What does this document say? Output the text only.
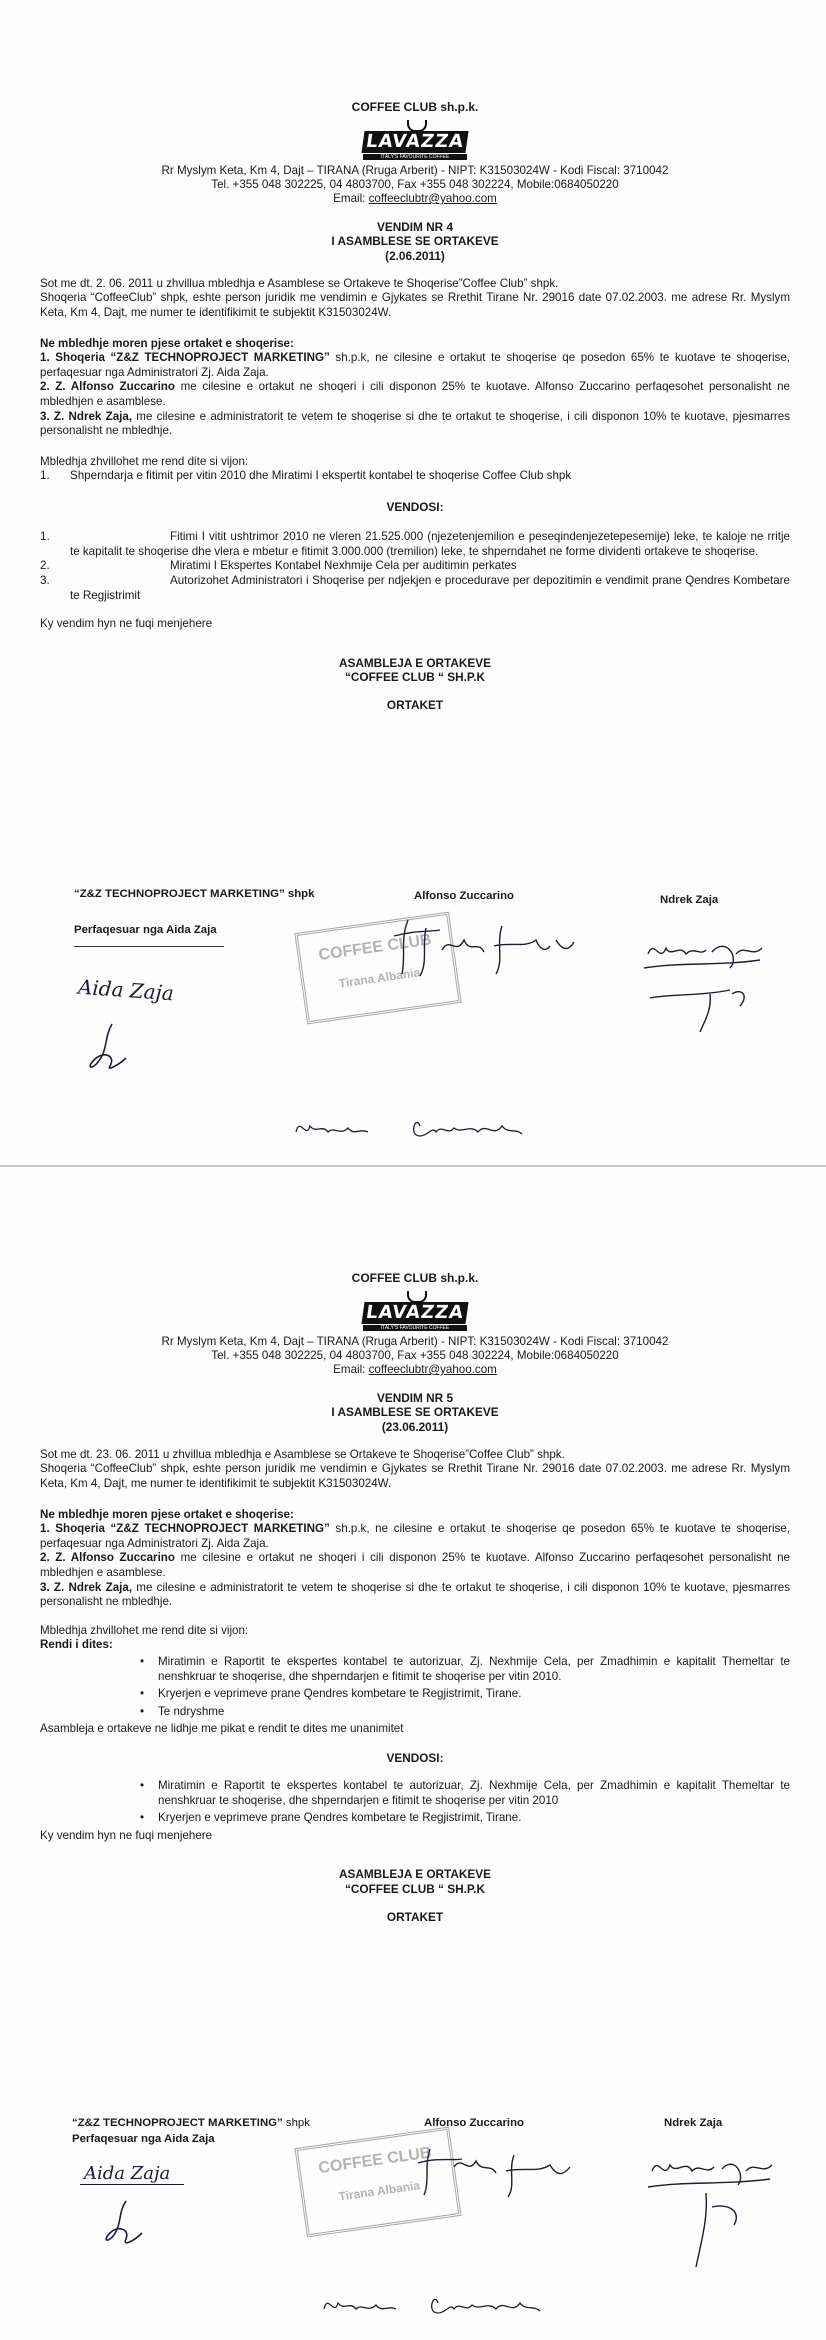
COFFEE CLUB sh.p.k.
LAVAZZA
ITALY'S FAVOURITE COFFEE
Rr Myslym Keta, Km 4, Dajt – TIRANA (Rruga Arberit) - NIPT: K31503024W - Kodi Fiscal: 3710042
Tel. +355 048 302225, 04 4803700, Fax +355 048 302224, Mobile:0684050220
Email: coffeeclubtr@yahoo.com
VENDIM NR 4
I ASAMBLESE SE ORTAKEVE
(2.06.2011)

Sot me dt. 2. 06. 2011 u zhvillua mbledhja e Asamblese se Ortakeve te Shoqerise”Coffee Club” shpk.

Shoqeria “CoffeeClub” shpk, eshte person juridik me vendimin e Gjykates se Rrethit Tirane Nr. 29016 date 07.02.2003. me adrese Rr. Myslym Keta, Km 4, Dajt, me numer te identifikimit te subjektit K31503024W.

Ne mbledhje moren pjese ortaket e shoqerise:

1. Shoqeria “Z&Z TECHNOPROJECT MARKETING” sh.p.k, ne cilesine e ortakut te shoqerise qe posedon 65% te kuotave te shoqerise, perfaqesuar nga Administratori Zj. Aida Zaja.

2. Z. Alfonso Zuccarino me cilesine e ortakut ne shoqeri i cili disponon 25% te kuotave. Alfonso Zuccarino perfaqesohet personalisht ne mbledhjen e asamblese.

3. Z. Ndrek Zaja, me cilesine e administratorit te vetem te shoqerise si dhe te ortakut te shoqerise, i cili disponon 10% te kuotave, pjesmarres personalisht ne mbledhje.

Mbledhja zhvillohet me rend dite si vijon:

1.	Shperndarja e fitimit per vitin 2010 dhe Miratimi I ekspertit kontabel te shoqerise Coffee Club shpk
VENDOSI:
1.	Fitimi I vitit ushtrimor 2010 ne vleren 21.525.000 (njezetenjemilion e peseqindenjezetepesemije) leke, te kaloje ne rritje te kapitalit te shoqerise dhe vlera e mbetur e fitimit 3.000.000 (tremilion) leke, te shperndahet ne forme dividenti ortakeve te shoqerise.
2.	Miratimi I Ekspertes Kontabel Nexhmije Cela per auditimin perkates
3.	Autorizohet Administratori i Shoqerise per ndjekjen e procedurave per depozitimin e vendimit prane Qendres Kombetare te Regjistrimit

Ky vendim hyn ne fuqi menjehere

ASAMBLEJA E ORTAKEVE
“COFFEE CLUB “ SH.P.K
ORTAKET
“Z&Z TECHNOPROJECT MARKETING” shpk
Perfaqesuar nga Aida Zaja
Alfonso Zuccarino	Ndrek Zaja
COFFEE CLUB
Tirana Albania
Aida Zaja
COFFEE CLUB sh.p.k.
LAVAZZA
ITALY'S FAVOURITE COFFEE
Rr Myslym Keta, Km 4, Dajt – TIRANA (Rruga Arberit) - NIPT: K31503024W - Kodi Fiscal: 3710042
Tel. +355 048 302225, 04 4803700, Fax +355 048 302224, Mobile:0684050220
Email: coffeeclubtr@yahoo.com
VENDIM NR 5
I ASAMBLESE SE ORTAKEVE
(23.06.2011)

Sot me dt. 23. 06. 2011 u zhvillua mbledhja e Asamblese se Ortakeve te Shoqerise”Coffee Club” shpk.

Shoqeria “CoffeeClub” shpk, eshte person juridik me vendimin e Gjykates se Rrethit Tirane Nr. 29016 date 07.02.2003. me adrese Rr. Myslym Keta, Km 4, Dajt, me numer te identifikimit te subjektit K31503024W.

Ne mbledhje moren pjese ortaket e shoqerise:

1. Shoqeria “Z&Z TECHNOPROJECT MARKETING” sh.p.k, ne cilesine e ortakut te shoqerise qe posedon 65% te kuotave te shoqerise, perfaqesuar nga Administratori Zj. Aida Zaja.

2. Z. Alfonso Zuccarino me cilesine e ortakut ne shoqeri i cili disponon 25% te kuotave. Alfonso Zuccarino perfaqesohet personalisht ne mbledhjen e asamblese.

3. Z. Ndrek Zaja, me cilesine e administratorit te vetem te shoqerise si dhe te ortakut te shoqerise, i cili disponon 10% te kuotave, pjesmarres personalisht ne mbledhje.

Mbledhja zhvillohet me rend dite si vijon:

Rendi i dites:

• Miratimin e Raportit te ekspertes kontabel te autorizuar, Zj. Nexhmije Cela, per Zmadhimin e kapitalit Themeltar te nenshkruar te shoqerise, dhe shperndarjen e fitimit te shoqerise per vitin 2010.
• Kryerjen e veprimeve prane Qendres kombetare te Regjistrimit, Tirane.
• Te ndryshme

Asambleja e ortakeve ne lidhje me pikat e rendit te dites me unanimitet

VENDOSI:
• Miratimin e Raportit te ekspertes kontabel te autorizuar, Zj. Nexhmije Cela, per Zmadhimin e kapitalit Themeltar te nenshkruar te shoqerise, dhe shperndarjen e fitimit te shoqerise per vitin 2010
• Kryerjen e veprimeve prane Qendres kombetare te Regjistrimit, Tirane.

Ky vendim hyn ne fuqi menjehere

ASAMBLEJA E ORTAKEVE
“COFFEE CLUB “ SH.P.K
ORTAKET
“Z&Z TECHNOPROJECT MARKETING” shpk
Perfaqesuar nga Aida Zaja
Alfonso Zuccarino	Ndrek Zaja
COFFEE CLUB
Tirana Albania
Aida Zaja
